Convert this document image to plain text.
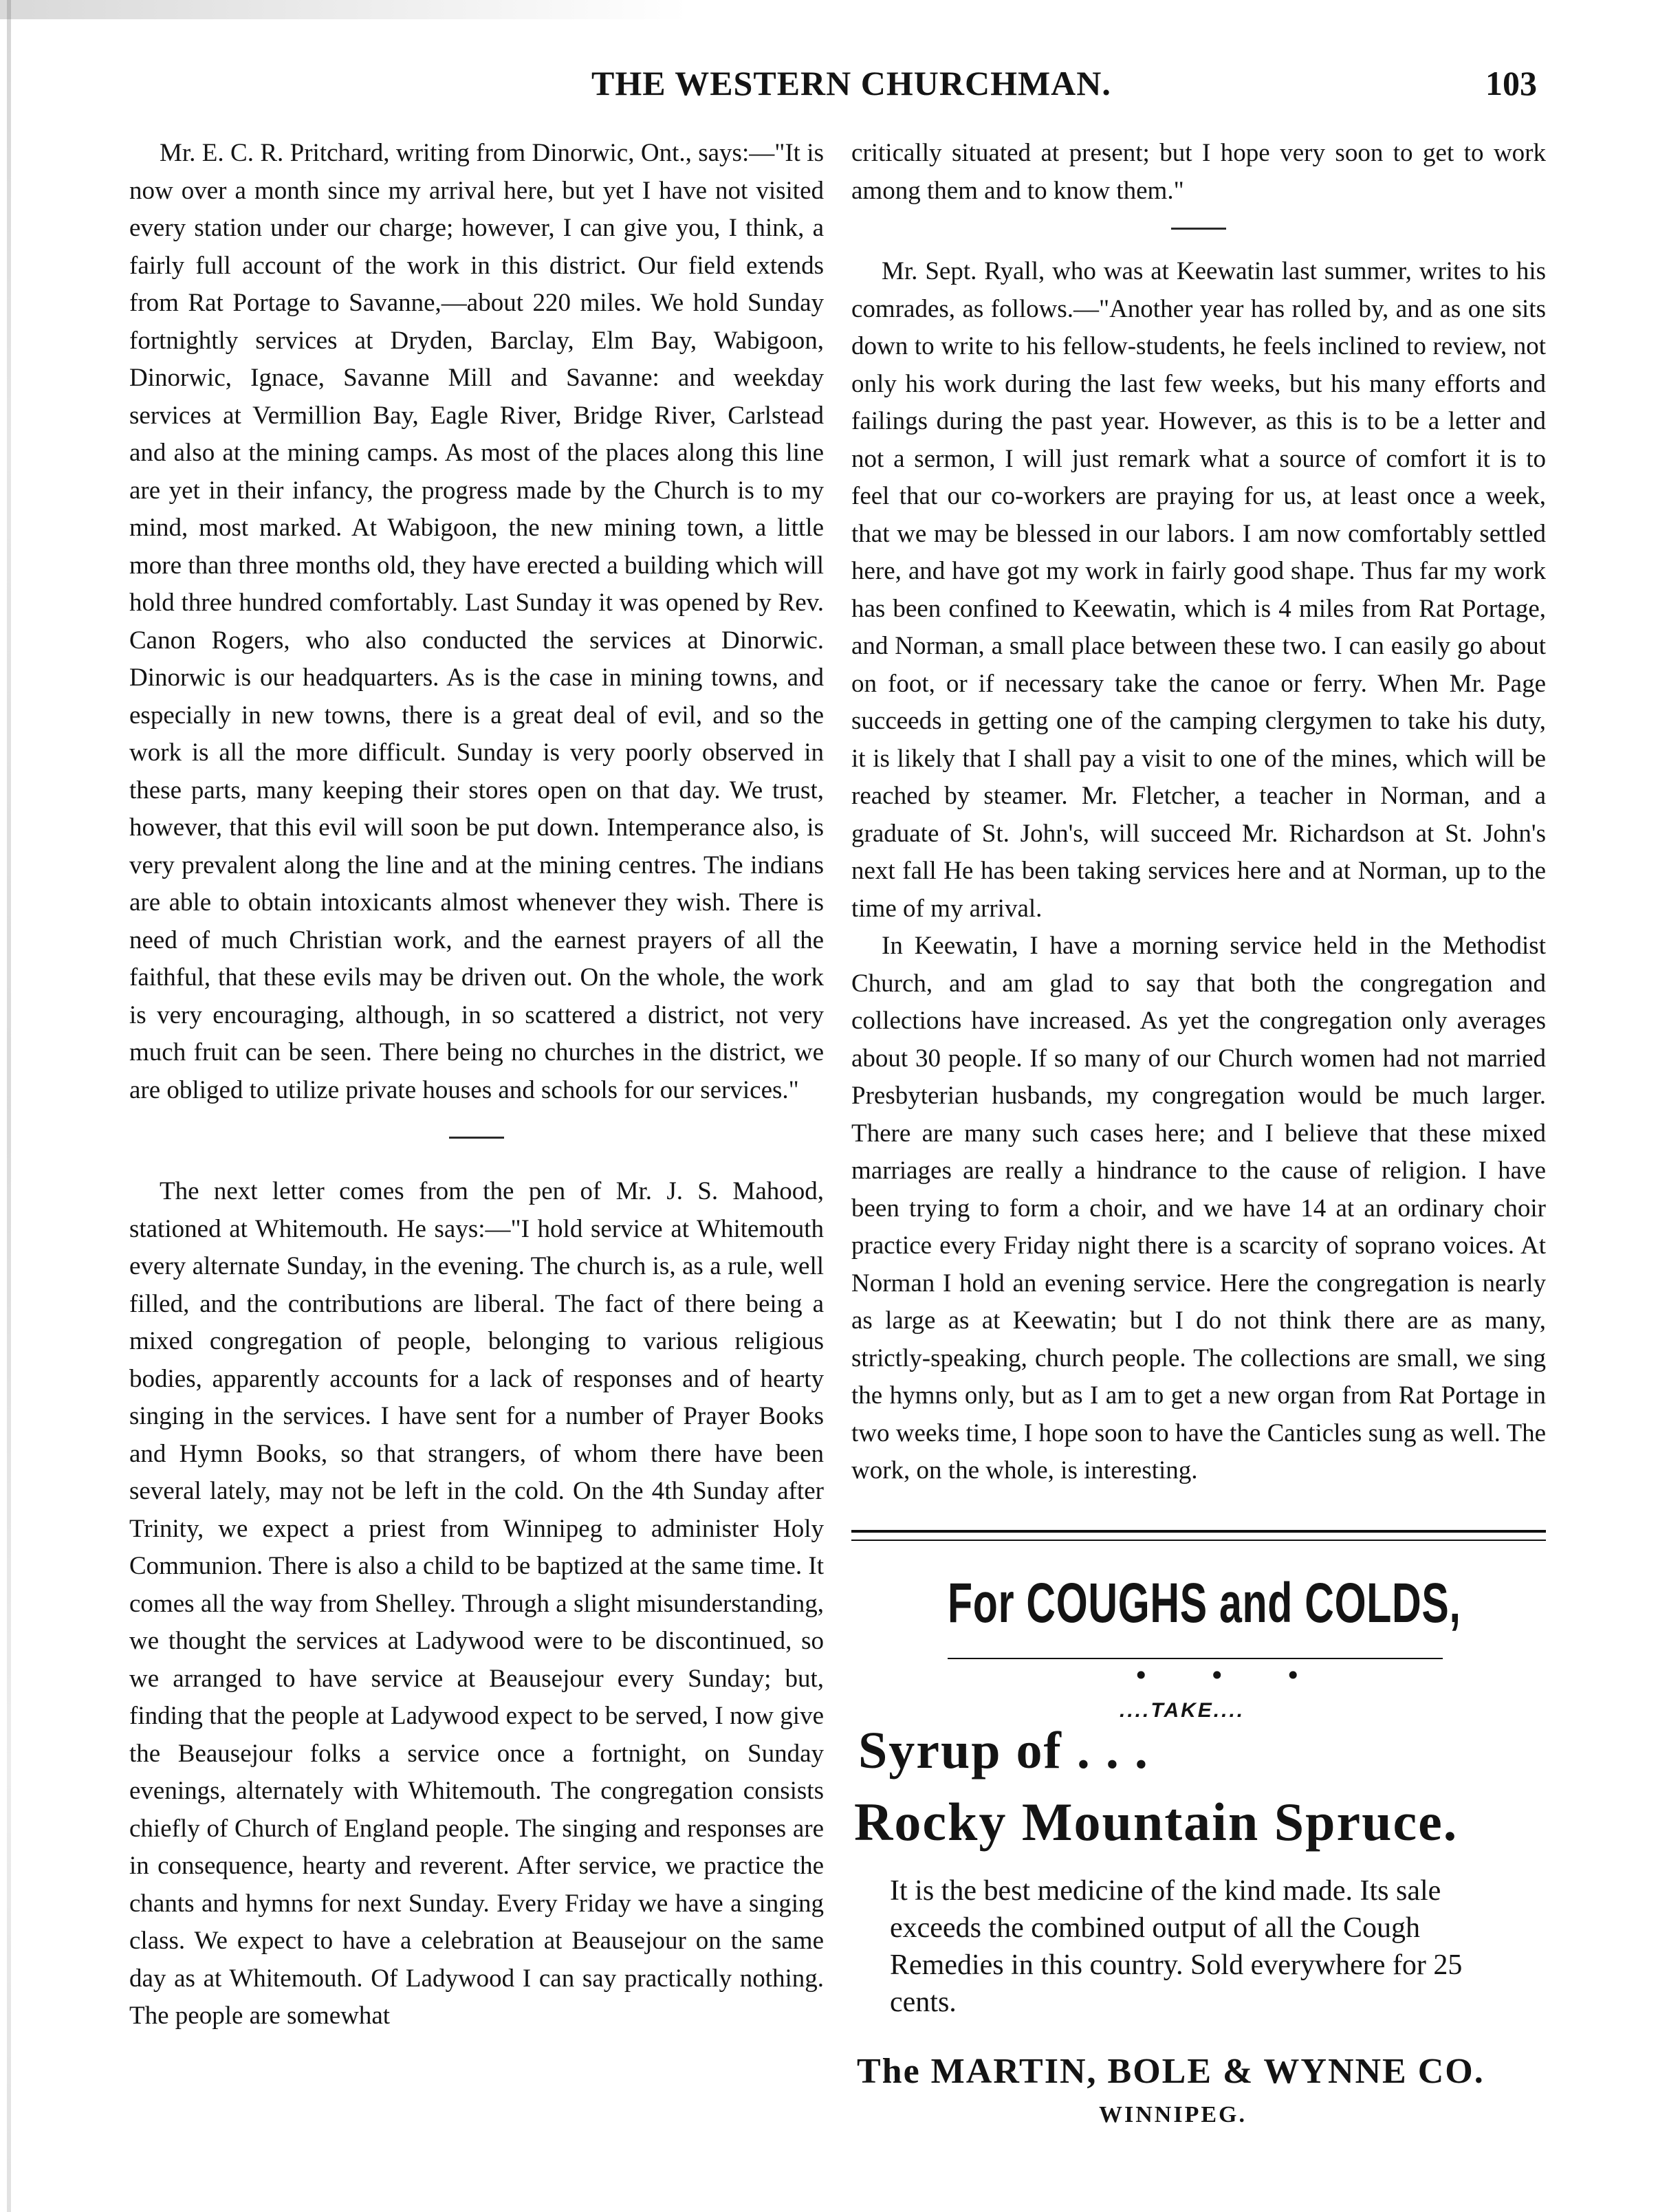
THE WESTERN CHURCHMAN.	103

Mr. E. C. R. Pritchard, writing from Dinorwic, Ont., says:—"It is now over a month since my arrival here, but yet I have not visited every station under our charge; however, I can give you, I think, a fairly full account of the work in this district. Our field extends from Rat Portage to Savanne,—about 220 miles. We hold Sunday fortnightly services at Dryden, Barclay, Elm Bay, Wabigoon, Dinorwic, Ignace, Savanne Mill and Savanne: and weekday services at Vermillion Bay, Eagle River, Bridge River, Carlstead and also at the mining camps. As most of the places along this line are yet in their infancy, the progress made by the Church is to my mind, most marked. At Wabigoon, the new mining town, a little more than three months old, they have erected a building which will hold three hundred comfortably. Last Sunday it was opened by Rev. Canon Rogers, who also conducted the services at Dinorwic. Dinorwic is our headquarters. As is the case in mining towns, and especially in new towns, there is a great deal of evil, and so the work is all the more difficult. Sunday is very poorly observed in these parts, many keeping their stores open on that day. We trust, however, that this evil will soon be put down. Intemperance also, is very prevalent along the line and at the mining centres. The indians are able to obtain intoxicants almost whenever they wish. There is need of much Christian work, and the earnest prayers of all the faithful, that these evils may be driven out. On the whole, the work is very encouraging, although, in so scattered a district, not very much fruit can be seen. There being no churches in the district, we are obliged to utilize private houses and schools for our services."

The next letter comes from the pen of Mr. J. S. Mahood, stationed at Whitemouth. He says:—"I hold service at Whitemouth every alternate Sunday, in the evening. The church is, as a rule, well filled, and the contributions are liberal. The fact of there being a mixed congregation of people, belonging to various religious bodies, apparently accounts for a lack of responses and of hearty singing in the services. I have sent for a number of Prayer Books and Hymn Books, so that strangers, of whom there have been several lately, may not be left in the cold. On the 4th Sunday after Trinity, we expect a priest from Winnipeg to administer Holy Communion. There is also a child to be baptized at the same time. It comes all the way from Shelley. Through a slight misunderstanding, we thought the services at Ladywood were to be discontinued, so we arranged to have service at Beausejour every Sunday; but, finding that the people at Ladywood expect to be served, I now give the Beausejour folks a service once a fortnight, on Sunday evenings, alternately with Whitemouth. The congregation consists chiefly of Church of England people. The singing and responses are in consequence, hearty and reverent. After service, we practice the chants and hymns for next Sunday. Every Friday we have a singing class. We expect to have a celebration at Beausejour on the same day as at Whitemouth. Of Ladywood I can say practically nothing. The people are somewhat

critically situated at present; but I hope very soon to get to work among them and to know them."

Mr. Sept. Ryall, who was at Keewatin last summer, writes to his comrades, as follows.—"Another year has rolled by, and as one sits down to write to his fellow-students, he feels inclined to review, not only his work during the last few weeks, but his many efforts and failings during the past year. However, as this is to be a letter and not a sermon, I will just remark what a source of comfort it is to feel that our co-workers are praying for us, at least once a week, that we may be blessed in our labors. I am now comfortably settled here, and have got my work in fairly good shape. Thus far my work has been confined to Keewatin, which is 4 miles from Rat Portage, and Norman, a small place between these two. I can easily go about on foot, or if necessary take the canoe or ferry. When Mr. Page succeeds in getting one of the camping clergymen to take his duty, it is likely that I shall pay a visit to one of the mines, which will be reached by steamer. Mr. Fletcher, a teacher in Norman, and a graduate of St. John's, will succeed Mr. Richardson at St. John's next fall He has been taking services here and at Norman, up to the time of my arrival.

In Keewatin, I have a morning service held in the Methodist Church, and am glad to say that both the congregation and collections have increased. As yet the congregation only averages about 30 people. If so many of our Church women had not married Presbyterian husbands, my congregation would be much larger. There are many such cases here; and I believe that these mixed marriages are really a hindrance to the cause of religion. I have been trying to form a choir, and we have 14 at an ordinary choir practice every Friday night there is a scarcity of soprano voices. At Norman I hold an evening service. Here the congregation is nearly as large as at Keewatin; but I do not think there are as many, strictly-speaking, church people. The collections are small, we sing the hymns only, but as I am to get a new organ from Rat Portage in two weeks time, I hope soon to have the Canticles sung as well. The work, on the whole, is interesting.

For COUGHS and COLDS,
• • •
....TAKE....
Syrup of . . .
Rocky Mountain Spruce.
It is the best medicine of the kind made. Its sale exceeds the combined output of all the Cough Remedies in this country. Sold everywhere for 25 cents.
The MARTIN, BOLE & WYNNE CO.
WINNIPEG.
